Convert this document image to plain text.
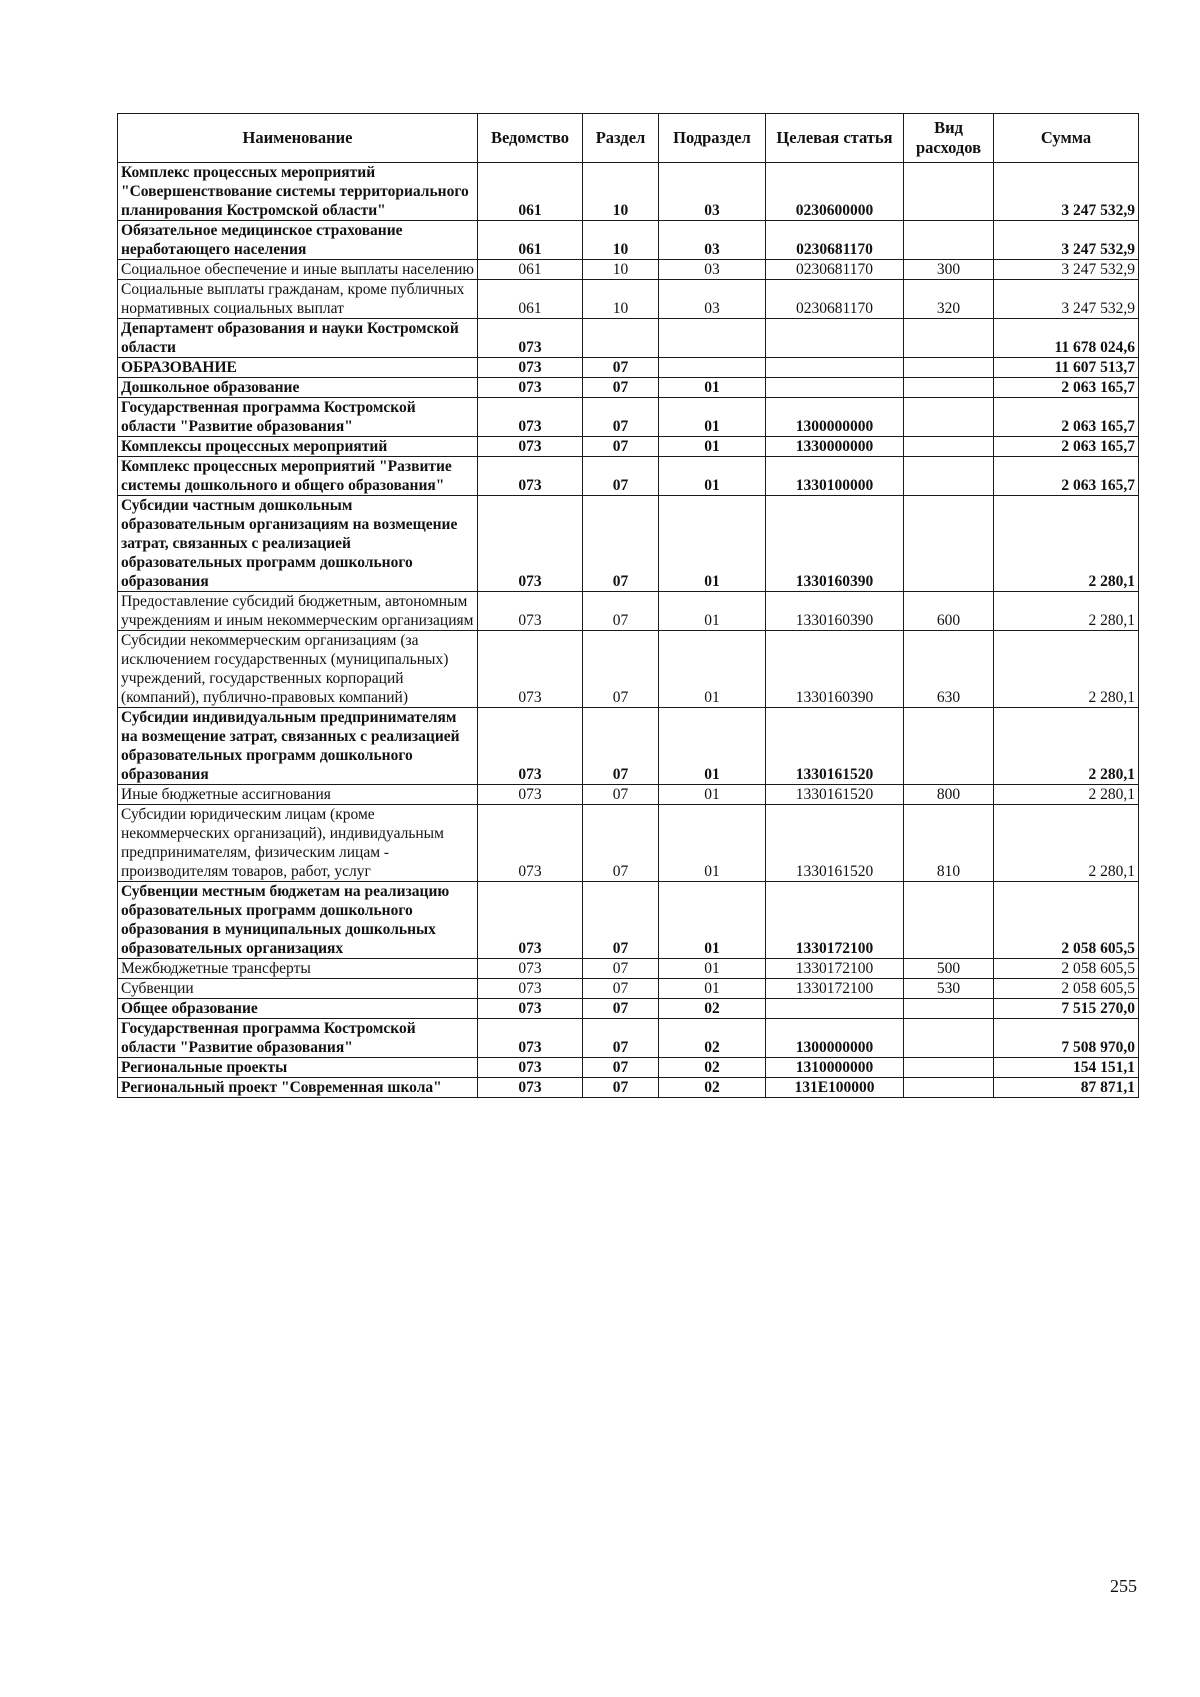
Наименование	Ведомство	Раздел	Подраздел	Целевая статья	Вид расходов	Сумма
Комплекс процессных мероприятий "Совершенствование системы территориального планирования Костромской области"	061	10	03	0230600000		3 247 532,9
Обязательное медицинское страхование неработающего населения	061	10	03	0230681170		3 247 532,9
Социальное обеспечение и иные выплаты населению	061	10	03	0230681170	300	3 247 532,9
Социальные выплаты гражданам, кроме публичных нормативных социальных выплат	061	10	03	0230681170	320	3 247 532,9
Департамент образования и науки Костромской области	073					11 678 024,6
ОБРАЗОВАНИЕ	073	07				11 607 513,7
Дошкольное образование	073	07	01			2 063 165,7
Государственная программа Костромской области "Развитие образования"	073	07	01	1300000000		2 063 165,7
Комплексы процессных мероприятий	073	07	01	1330000000		2 063 165,7
Комплекс процессных мероприятий "Развитие системы дошкольного и общего образования"	073	07	01	1330100000		2 063 165,7
Субсидии частным дошкольным образовательным организациям на возмещение затрат, связанных с реализацией образовательных программ дошкольного образования	073	07	01	1330160390		2 280,1
Предоставление субсидий бюджетным, автономным учреждениям и иным некоммерческим организациям	073	07	01	1330160390	600	2 280,1
Субсидии некоммерческим организациям (за исключением государственных (муниципальных) учреждений, государственных корпораций (компаний), публично-правовых компаний)	073	07	01	1330160390	630	2 280,1
Субсидии индивидуальным предпринимателям на возмещение затрат, связанных с реализацией образовательных программ дошкольного образования	073	07	01	1330161520		2 280,1
Иные бюджетные ассигнования	073	07	01	1330161520	800	2 280,1
Субсидии юридическим лицам (кроме некоммерческих организаций), индивидуальным предпринимателям, физическим лицам - производителям товаров, работ, услуг	073	07	01	1330161520	810	2 280,1
Субвенции местным бюджетам на реализацию образовательных программ дошкольного образования в муниципальных дошкольных образовательных организациях	073	07	01	1330172100		2 058 605,5
Межбюджетные трансферты	073	07	01	1330172100	500	2 058 605,5
Субвенции	073	07	01	1330172100	530	2 058 605,5
Общее образование	073	07	02			7 515 270,0
Государственная программа Костромской области "Развитие образования"	073	07	02	1300000000		7 508 970,0
Региональные проекты	073	07	02	1310000000		154 151,1
Региональный проект "Современная школа"	073	07	02	131E100000		87 871,1
255
